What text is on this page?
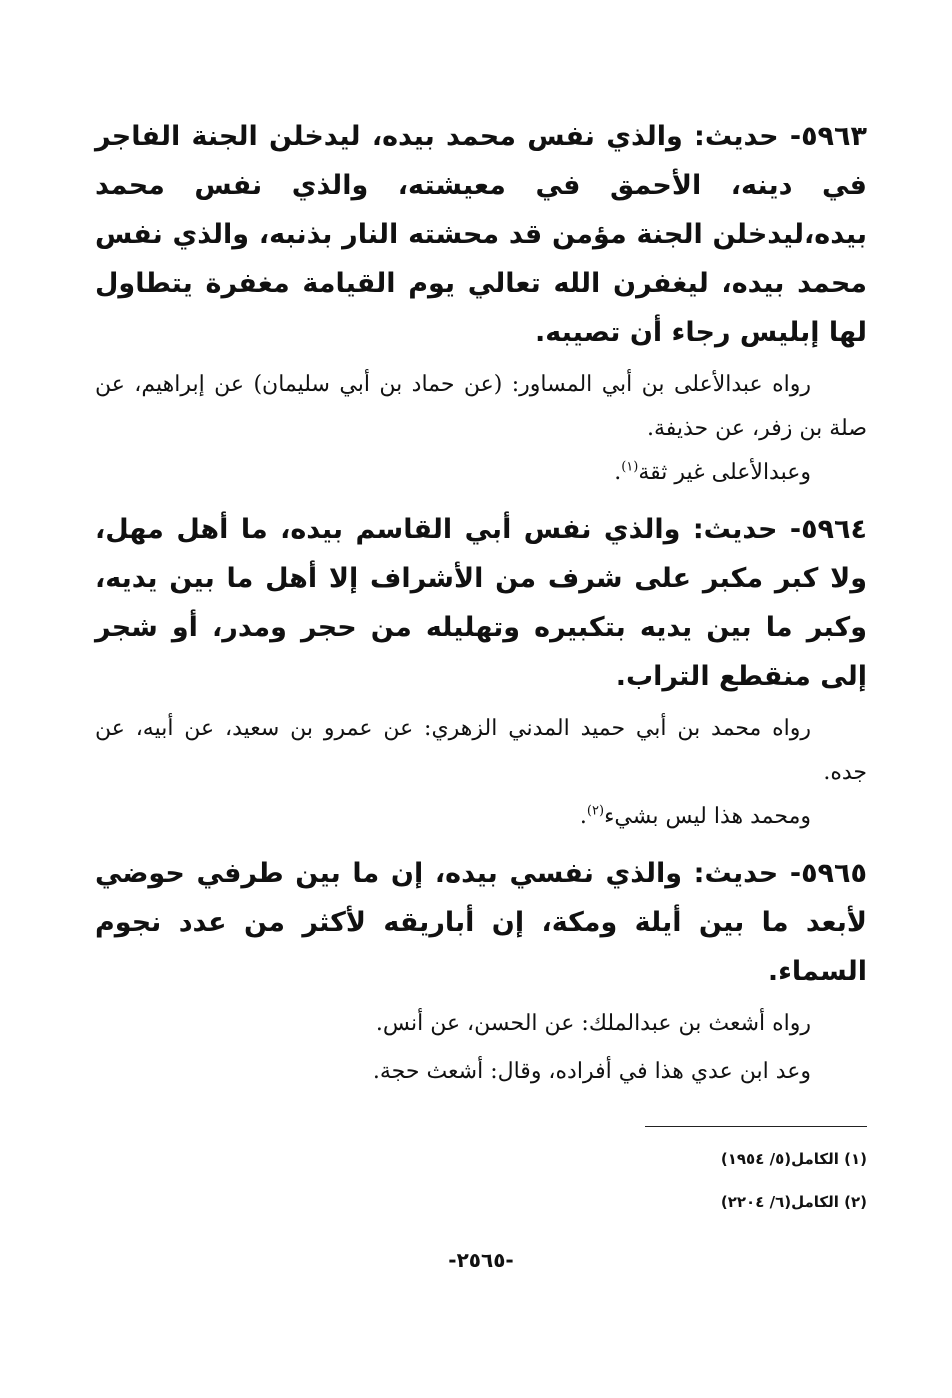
٥٩٦٣- حديث: والذي نفس محمد بيده، ليدخلن الجنة الفاجر في دينه، الأحمق في معيشته، والذي نفس محمد بيده،ليدخلن الجنة مؤمن قد محشته النار بذنبه، والذي نفس محمد بيده، ليغفرن الله تعالي يوم القيامة مغفرة يتطاول لها إبليس رجاء أن تصيبه.

رواه عبدالأعلى بن أبي المساور: (عن حماد بن أبي سليمان) عن إبراهيم، عن صلة بن زفر، عن حذيفة.

وعبدالأعلى غير ثقة$^{(١)}$.

٥٩٦٤- حديث: والذي نفس أبي القاسم بيده، ما أهل مهل، ولا كبر مكبر على شرف من الأشراف إلا أهل ما بين يديه، وكبر ما بين يديه بتكبيره وتهليله من حجر ومدر، أو شجر إلى منقطع التراب.

رواه محمد بن أبي حميد المدني الزهري: عن عمرو بن سعيد، عن أبيه، عن جده.

ومحمد هذا ليس بشيء$^{(٢)}$.

٥٩٦٥- حديث: والذي نفسي بيده، إن ما بين طرفي حوضي لأبعد ما بين أيلة ومكة، إن أباريقه لأكثر من عدد نجوم السماء.

رواه أشعث بن عبدالملك: عن الحسن، عن أنس.

وعد ابن عدي هذا في أفراده، وقال: أشعث حجة.

(١) الكامل(٥/ ١٩٥٤)
(٢) الكامل(٦/ ٢٢٠٤)
-٢٥٦٥-
